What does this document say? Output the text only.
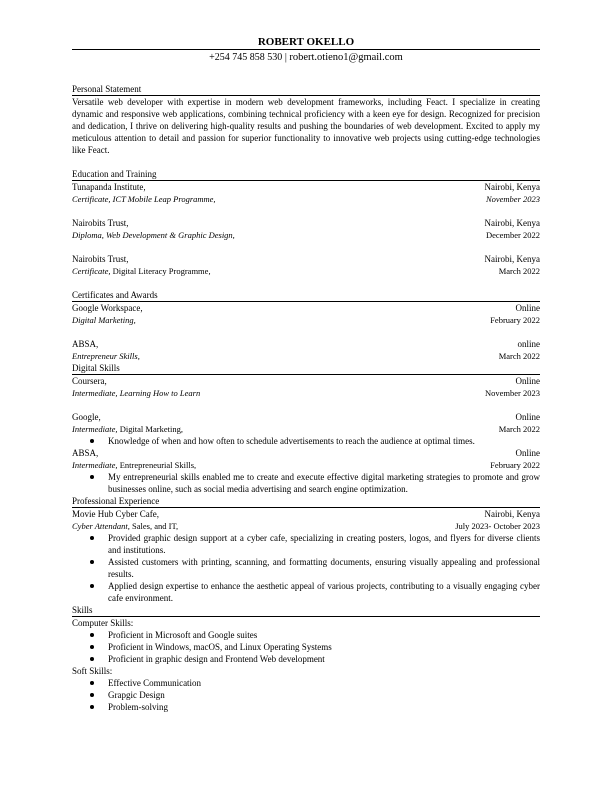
ROBERT OKELLO
+254 745 858 530 | robert.otieno1@gmail.com
Personal Statement
Versatile web developer with expertise in modern web development frameworks, including Feact. I specialize in creating dynamic and responsive web applications, combining technical proficiency with a keen eye for design. Recognized for precision and dedication, I thrive on delivering high-quality results and pushing the boundaries of web development. Excited to apply my meticulous attention to detail and passion for superior functionality to innovative web projects using cutting-edge technologies like Feact.
Education and Training
Tunapanda Institute,	Nairobi, Kenya
Certificate, ICT Mobile Leap Programme,	November 2023
Nairobits Trust,	Nairobi, Kenya
Diploma, Web Development & Graphic Design,	December 2022
Nairobits Trust,	Nairobi, Kenya
Certificate, Digital Literacy Programme,	March 2022
Certificates and Awards
Google Workspace,	Online
Digital Marketing,	February 2022
ABSA,	online
Entrepreneur Skills,	March 2022
Digital Skills
Coursera,	Online
Intermediate, Learning How to Learn	November 2023
Google,	Online
Intermediate, Digital Marketing,	March 2022
Knowledge of when and how often to schedule advertisements to reach the audience at optimal times.
ABSA,	Online
Intermediate, Entrepreneurial Skills,	February 2022
My entrepreneurial skills enabled me to create and execute effective digital marketing strategies to promote and grow businesses online, such as social media advertising and search engine optimization.
Professional Experience
Movie Hub Cyber Cafe,	Nairobi, Kenya
Cyber Attendant, Sales, and IT,	July 2023- October 2023
Provided graphic design support at a cyber cafe, specializing in creating posters, logos, and flyers for diverse clients and institutions.
Assisted customers with printing, scanning, and formatting documents, ensuring visually appealing and professional results.
Applied design expertise to enhance the aesthetic appeal of various projects, contributing to a visually engaging cyber cafe environment.
Skills
Computer Skills:
Proficient in Microsoft and Google suites
Proficient in Windows, macOS, and Linux Operating Systems
Proficient in graphic design and Frontend Web development
Soft Skills:
Effective Communication
Grapgic Design
Problem-solving
